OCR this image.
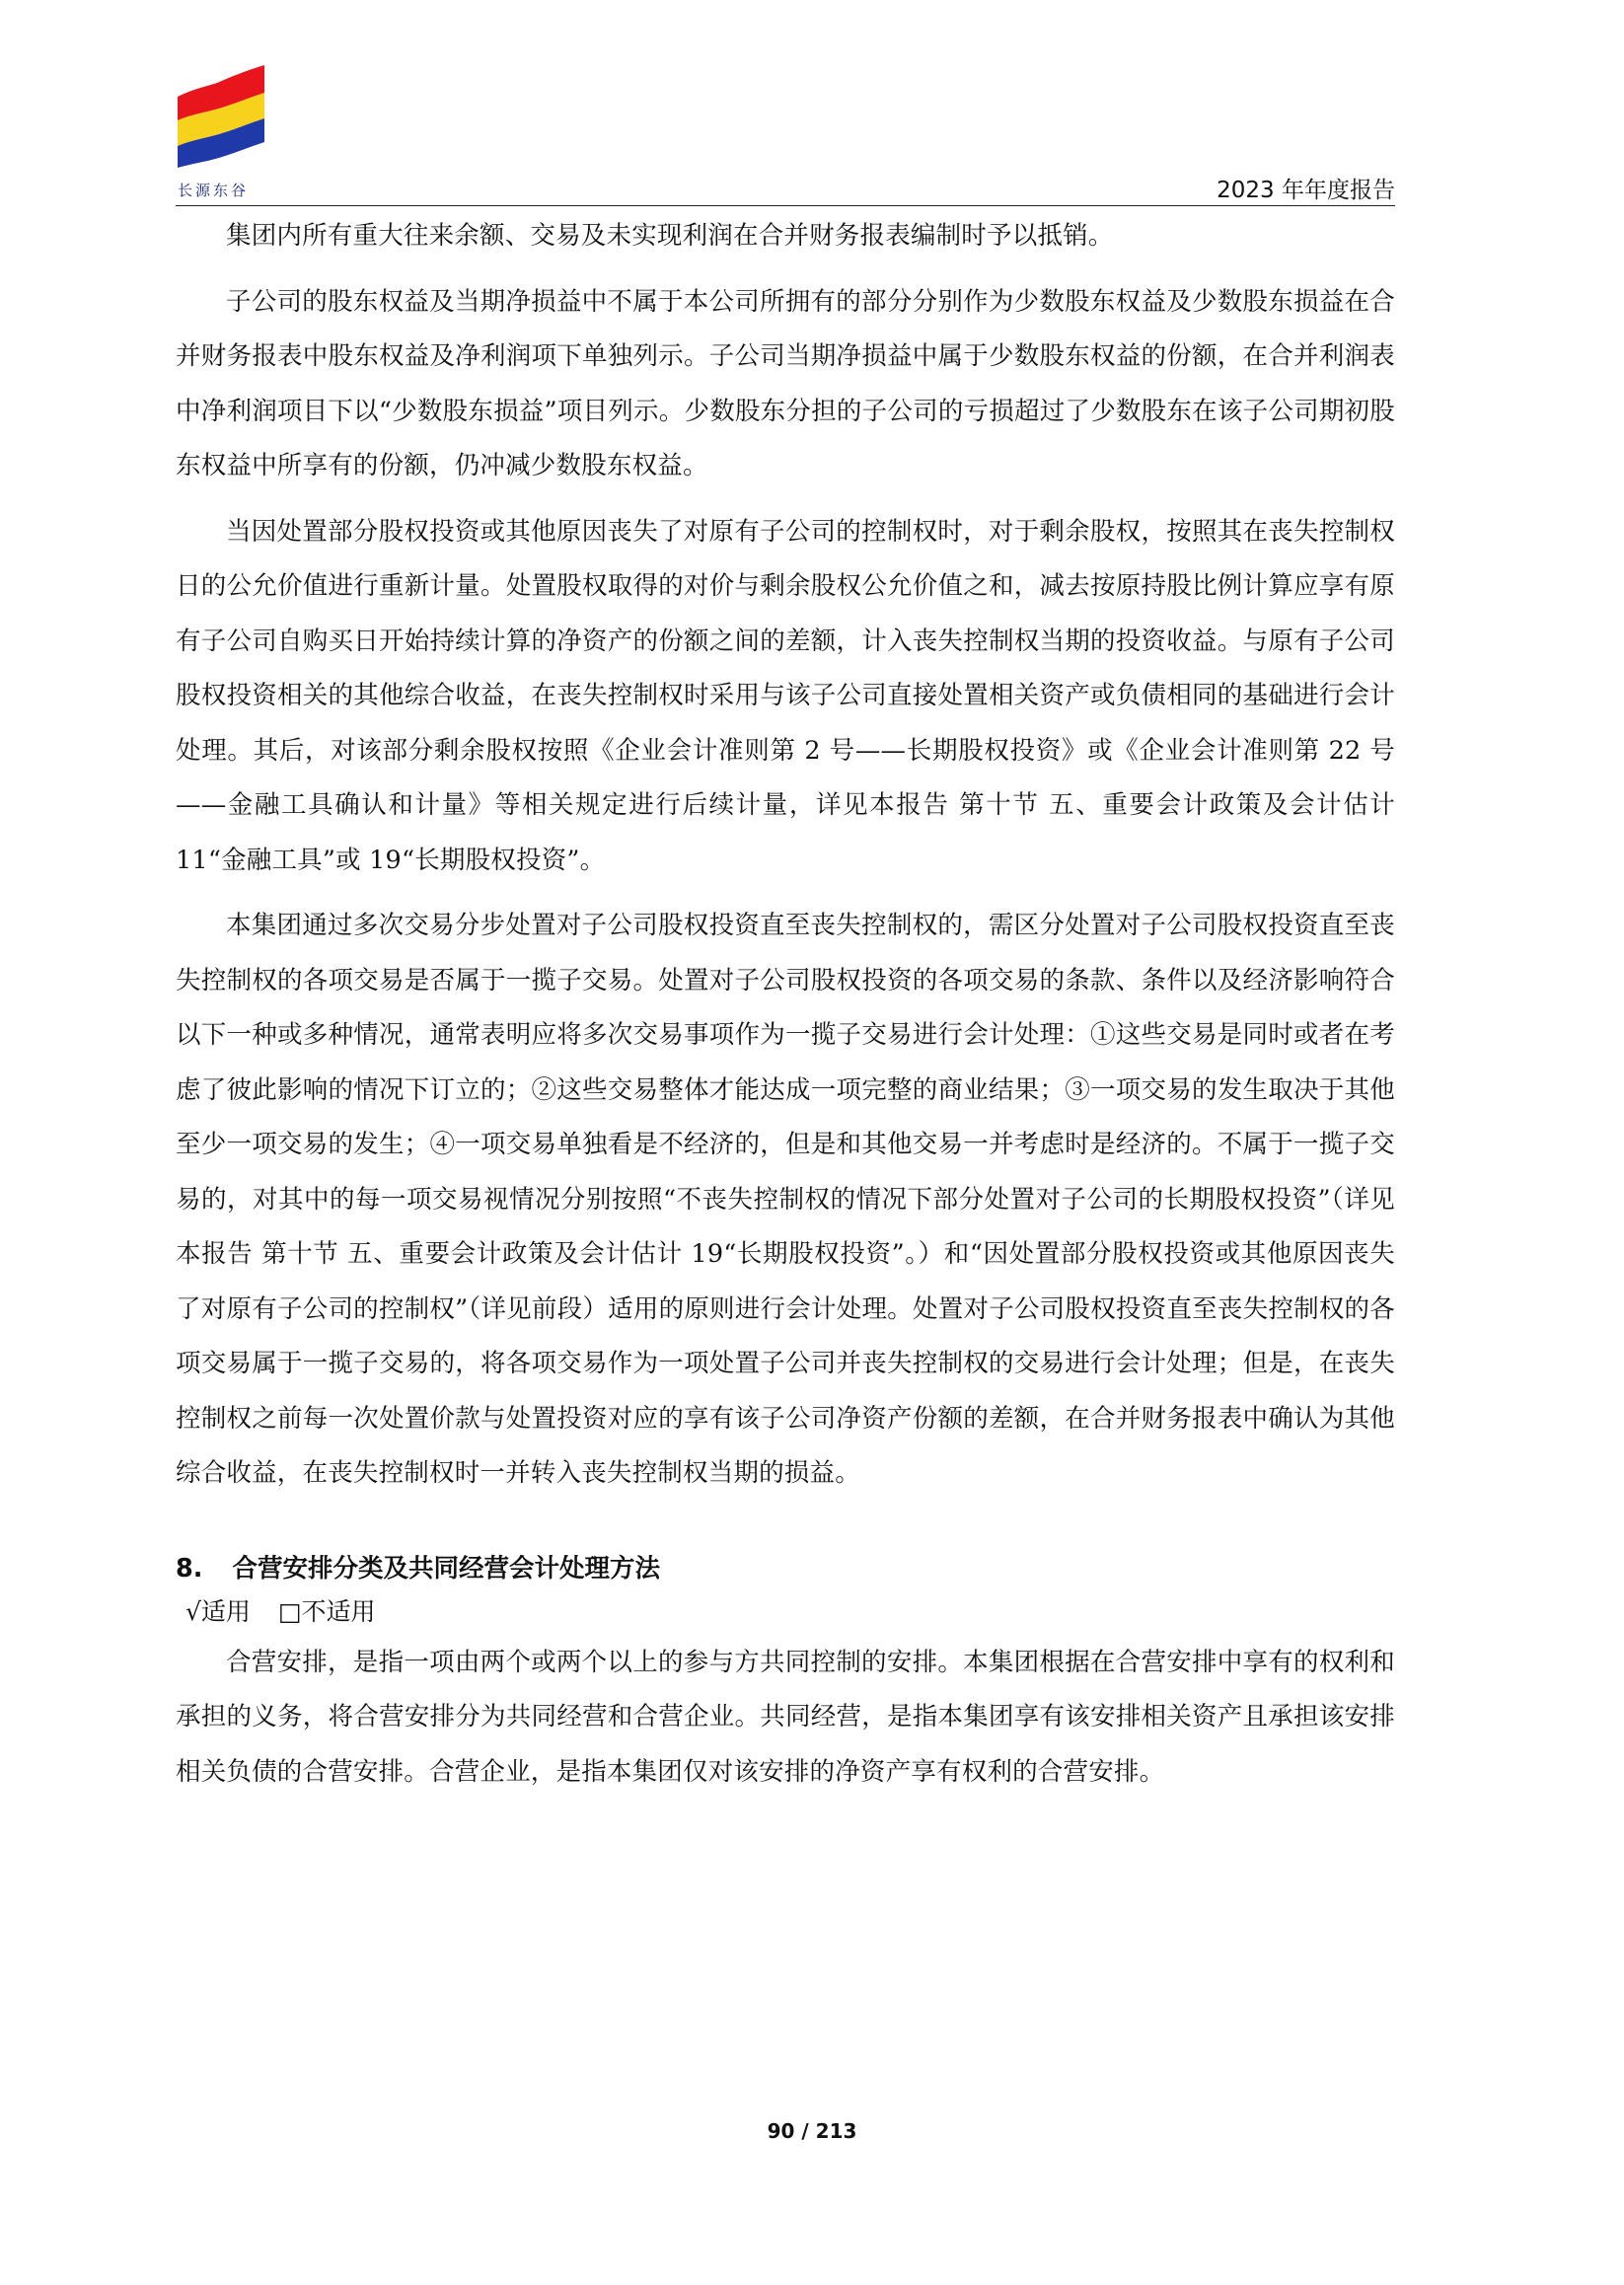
长源东谷	2023 年年度报告

集团内所有重大往来余额、交易及未实现利润在合并财务报表编制时予以抵销。

子公司的股东权益及当期净损益中不属于本公司所拥有的部分分别作为少数股东权益及少数股东损益在合并财务报表中股东权益及净利润项下单独列示。子公司当期净损益中属于少数股东权益的份额，在合并利润表中净利润项目下以“少数股东损益”项目列示。少数股东分担的子公司的亏损超过了少数股东在该子公司期初股东权益中所享有的份额，仍冲减少数股东权益。

当因处置部分股权投资或其他原因丧失了对原有子公司的控制权时，对于剩余股权，按照其在丧失控制权日的公允价值进行重新计量。处置股权取得的对价与剩余股权公允价值之和，减去按原持股比例计算应享有原有子公司自购买日开始持续计算的净资产的份额之间的差额，计入丧失控制权当期的投资收益。与原有子公司股权投资相关的其他综合收益，在丧失控制权时采用与该子公司直接处置相关资产或负债相同的基础进行会计处理。其后，对该部分剩余股权按照《企业会计准则第 2 号——长期股权投资》或《企业会计准则第 22 号——金融工具确认和计量》等相关规定进行后续计量，详见本报告 第十节 五、重要会计政策及会计估计 11“金融工具”或 19“长期股权投资”。

本集团通过多次交易分步处置对子公司股权投资直至丧失控制权的，需区分处置对子公司股权投资直至丧失控制权的各项交易是否属于一揽子交易。处置对子公司股权投资的各项交易的条款、条件以及经济影响符合以下一种或多种情况，通常表明应将多次交易事项作为一揽子交易进行会计处理：①这些交易是同时或者在考虑了彼此影响的情况下订立的；②这些交易整体才能达成一项完整的商业结果；③一项交易的发生取决于其他至少一项交易的发生；④一项交易单独看是不经济的，但是和其他交易一并考虑时是经济的。不属于一揽子交易的，对其中的每一项交易视情况分别按照“不丧失控制权的情况下部分处置对子公司的长期股权投资”（详见本报告 第十节 五、重要会计政策及会计估计 19“长期股权投资”。）和“因处置部分股权投资或其他原因丧失了对原有子公司的控制权”（详见前段）适用的原则进行会计处理。处置对子公司股权投资直至丧失控制权的各项交易属于一揽子交易的，将各项交易作为一项处置子公司并丧失控制权的交易进行会计处理；但是，在丧失控制权之前每一次处置价款与处置投资对应的享有该子公司净资产份额的差额，在合并财务报表中确认为其他综合收益，在丧失控制权时一并转入丧失控制权当期的损益。

8. 合营安排分类及共同经营会计处理方法
√适用 □不适用

合营安排，是指一项由两个或两个以上的参与方共同控制的安排。本集团根据在合营安排中享有的权利和承担的义务，将合营安排分为共同经营和合营企业。共同经营，是指本集团享有该安排相关资产且承担该安排相关负债的合营安排。合营企业，是指本集团仅对该安排的净资产享有权利的合营安排。

90 / 213
